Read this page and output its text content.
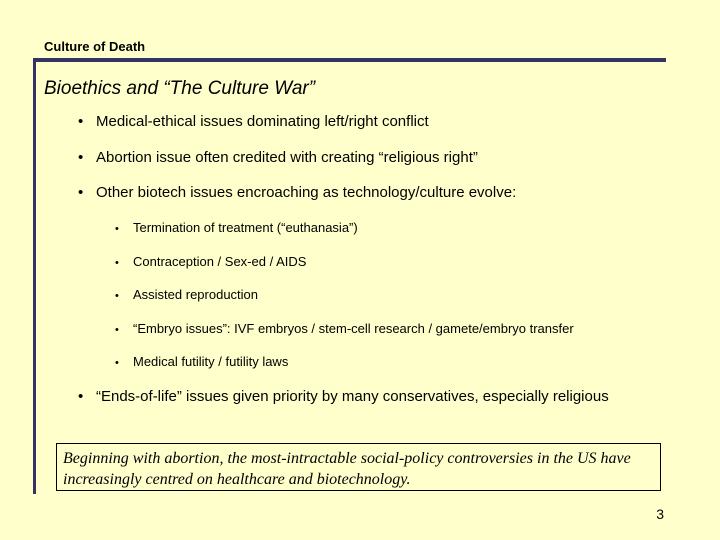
Culture of Death
Bioethics and “The Culture War”
• Medical-ethical issues dominating left/right conflict
• Abortion issue often credited with creating “religious right”
• Other biotech issues encroaching as technology/culture evolve:
• Termination of treatment (“euthanasia”)
• Contraception / Sex-ed / AIDS
• Assisted reproduction
• “Embryo issues”: IVF embryos / stem-cell research / gamete/embryo transfer
• Medical futility / futility laws
• “Ends-of-life” issues given priority by many conservatives, especially religious
Beginning with abortion, the most-intractable social-policy controversies in the US have increasingly centred on healthcare and biotechnology.
3
